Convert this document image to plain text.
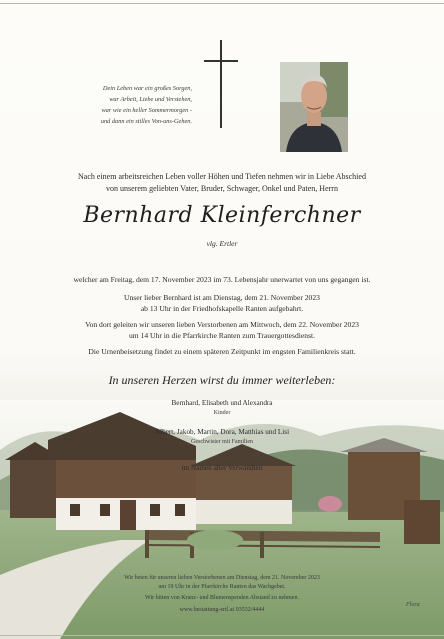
Dein Leben war ein großes Sorgen,
war Arbeit, Liebe und Verstehen,
war wie ein heller Sommermorgen -
und dann ein stilles Von-uns-Gehen.
Nach einem arbeitsreichen Leben voller Höhen und Tiefen nehmen wir in Liebe Abschied
von unserem geliebten Vater, Bruder, Schwager, Onkel und Paten, Herrn
Bernhard Kleinferchner
vlg. Ertler
welcher am Freitag, dem 17. November 2023 im 73. Lebensjahr unerwartet von uns gegangen ist.
Unser lieber Bernhard ist am Dienstag, dem 21. November 2023
ab 13 Uhr in der Friedhofskapelle Ranten aufgebahrt.
Von dort geleiten wir unseren lieben Verstorbenen am Mittwoch, dem 22. November 2023
um 14 Uhr in die Pfarrkirche Ranten zum Trauergottesdienst.
Die Urnenbeisetzung findet zu einem späteren Zeitpunkt im engsten Familienkreis statt.
In unseren Herzen wirst du immer weiterleben:
Bernhard, Elisabeth und Alexandra
Kinder
Albert, Jakob, Martin, Dora, Matthias und Lisi
Geschwister mit Familien
im Namen aller Verwandten
Wir beten für unseren lieben Verstorbenen am Dienstag, dem 21. November 2023
um 19 Uhr in der Pfarrkirche Ranten das Wachgebet.
Wir bitten von Kranz- und Blumenspenden Abstand zu nehmen.
www.bestattung-ertl.at 03532/4444
Flora
